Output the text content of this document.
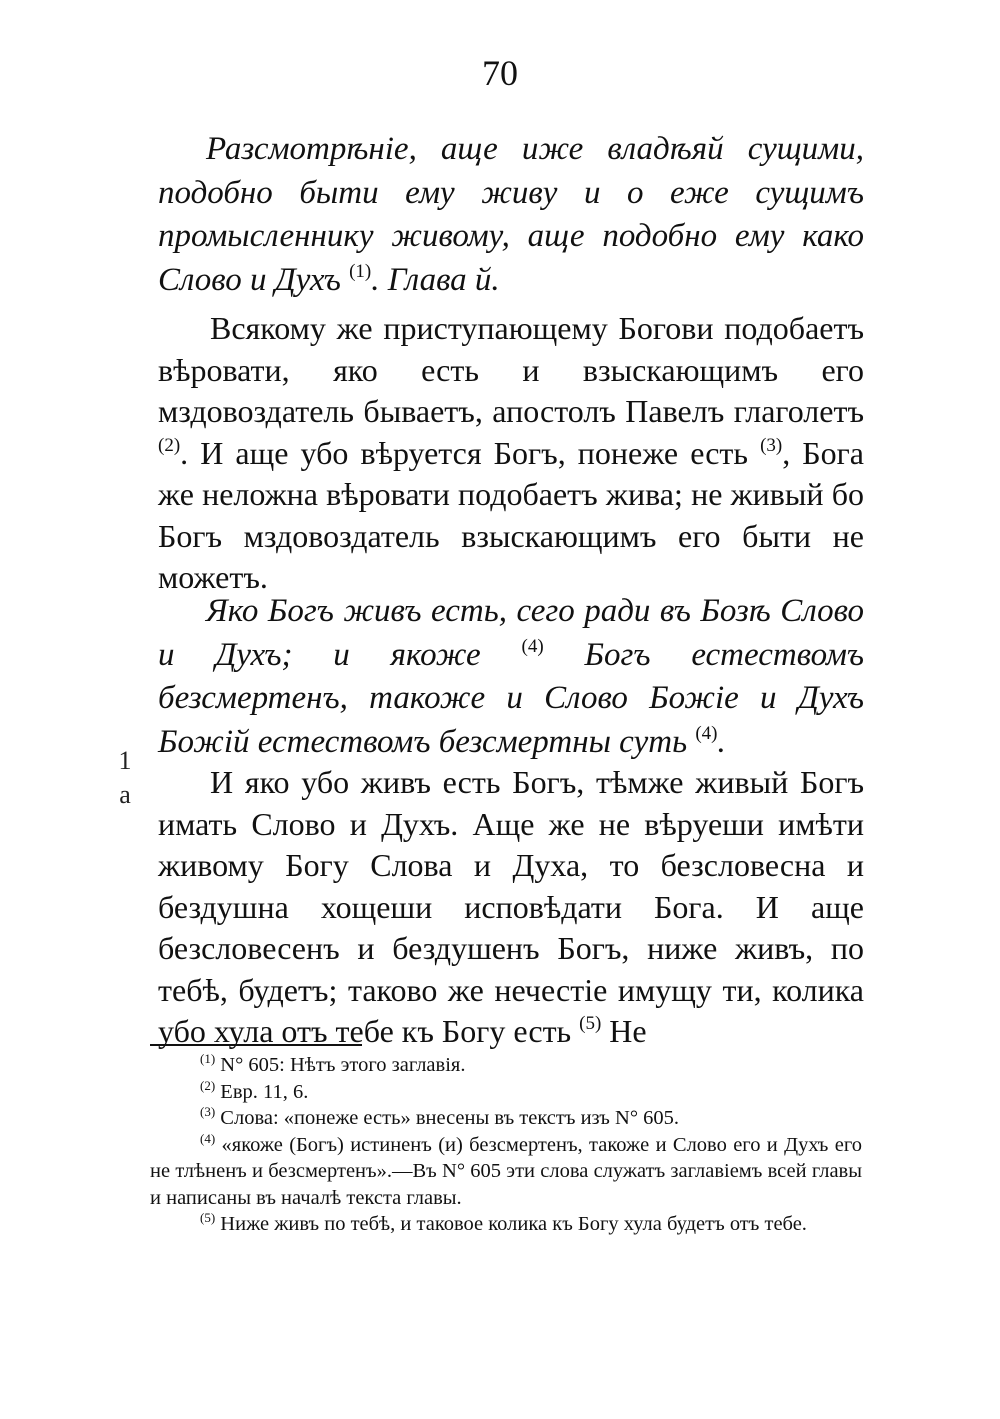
70

Разсмотрѣніе, аще иже владѣяй сущими, подобно быти ему живу и о еже сущимъ промысленнику живому, аще подобно ему како Слово и Духъ $^{(1)}$. Глава й.

Всякому же приступающему Богови подобаетъ вѣровати, яко есть и взыскающимъ его мздовоздатель бываетъ, апостолъ Павелъ глаголетъ $^{(2)}$. И аще убо вѣруется Богъ, понеже есть $^{(3)}$, Бога же неложна вѣровати подобаетъ жива; не живый бо Богъ мздовоздатель взыскающимъ его быти не можетъ.

Яко Богъ живъ есть, сего ради въ Бозѣ Слово и Духъ; и якоже $^{(4)}$ Богъ естествомъ безсмертенъ, такожe и Слово Божіе и Духъ Божій естествомъ безсмертны суть $^{(4)}$.

1 a	И яко убо живъ есть Богъ, тѣмже живый Богъ имать Слово и Духъ. Аще же не вѣруеши имѣти живому Богу Слова и Духа, то безсловесна и бездушна хощеши исповѣдати Бога. И аще безсловесенъ и бездушенъ Богъ, ниже живъ, по тебѣ, будетъ; таково же нечестіе имущу ти, колика убо хула отъ тебе къ Богу есть $^{(5)}$ Не

$^{(1)}$ N° 605: Нѣтъ этого заглавія.

$^{(2)}$ Евр. 11, 6.

$^{(3)}$ Слова: «понеже есть» внесены въ текстъ изъ N° 605.

$^{(4)}$ «якоже (Богъ) истиненъ (и) безсмертенъ, такожe и Слово его и Духъ его не тлѣненъ и безсмертенъ».—Въ N° 605 эти слова служатъ заглавіемъ всей главы и написаны въ началѣ текста главы.

$^{(5)}$ Ниже живъ по тебѣ, и таковое колика къ Богу хула будетъ отъ тебе.
